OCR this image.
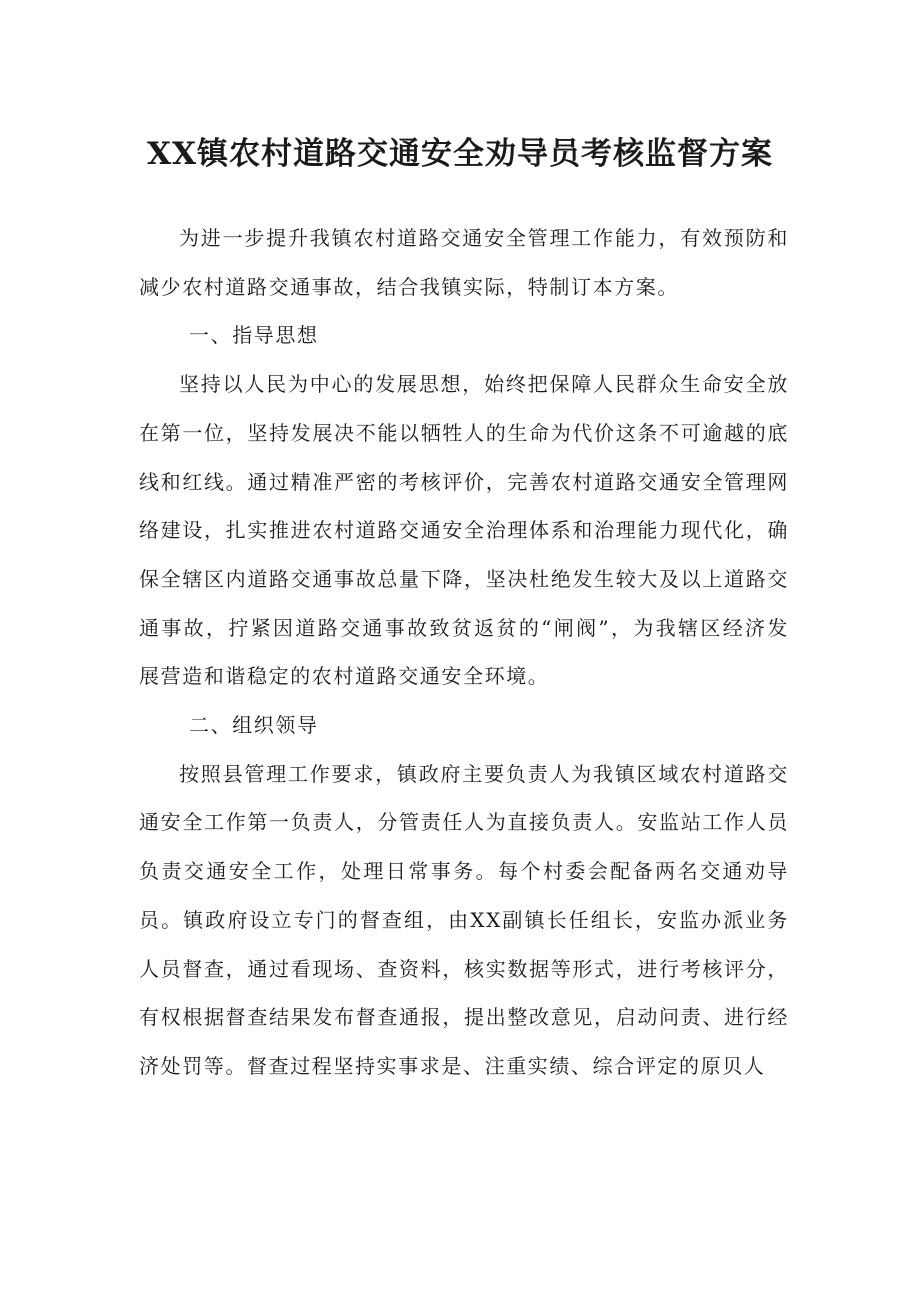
XX镇农村道路交通安全劝导员考核监督方案

为进一步提升我镇农村道路交通安全管理工作能力，有效预防和减少农村道路交通事故，结合我镇实际，特制订本方案。

一、指导思想

坚持以人民为中心的发展思想，始终把保障人民群众生命安全放在第一位，坚持发展决不能以牺牲人的生命为代价这条不可逾越的底线和红线。通过精准严密的考核评价，完善农村道路交通安全管理网络建设，扎实推进农村道路交通安全治理体系和治理能力现代化，确保全辖区内道路交通事故总量下降，坚决杜绝发生较大及以上道路交通事故，拧紧因道路交通事故致贫返贫的“闸阀”，为我辖区经济发展营造和谐稳定的农村道路交通安全环境。

二、组织领导

按照县管理工作要求，镇政府主要负责人为我镇区域农村道路交通安全工作第一负责人，分管责任人为直接负责人。安监站工作人员负责交通安全工作，处理日常事务。每个村委会配备两名交通劝导员。镇政府设立专门的督查组，由XX副镇长任组长，安监办派业务人员督查，通过看现场、查资料，核实数据等形式，进行考核评分，有权根据督查结果发布督查通报，提出整改意见，启动问责、进行经济处罚等。督查过程坚持实事求是、注重实绩、综合评定的原贝人
